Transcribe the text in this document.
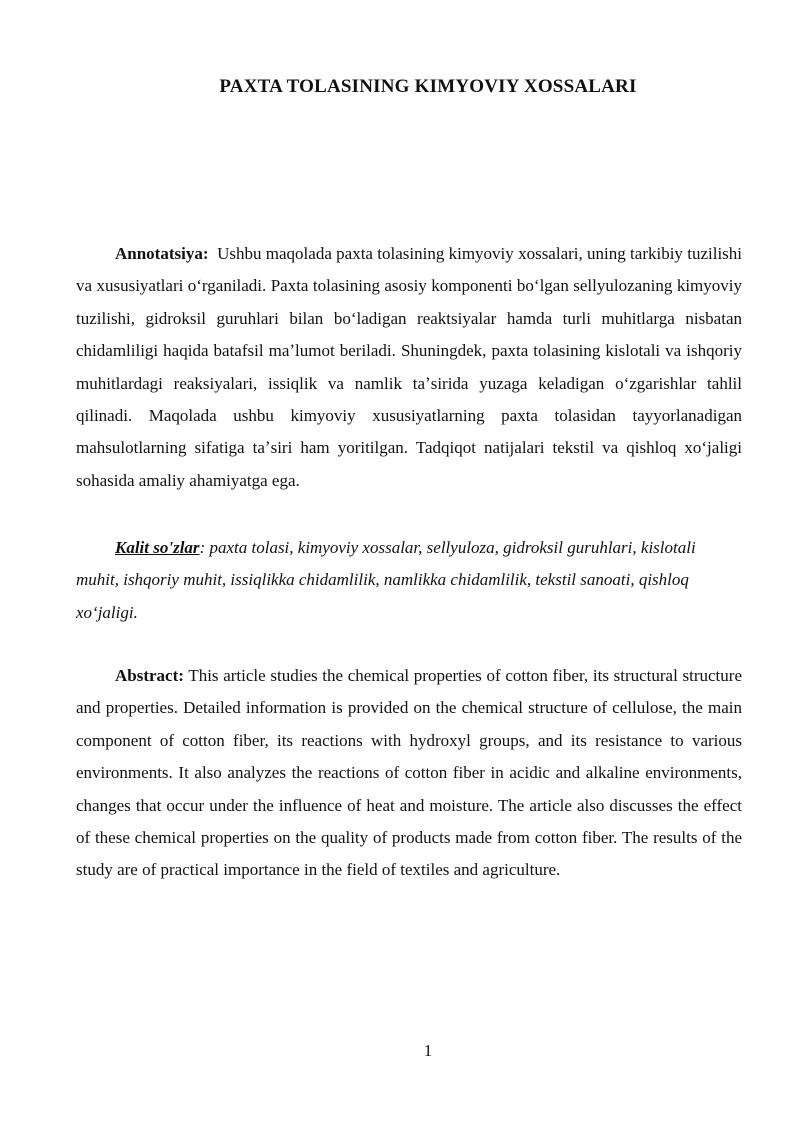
PAXTA TOLASINING KIMYOVIY XOSSALARI
Annotatsiya: Ushbu maqolada paxta tolasining kimyoviy xossalari, uning tarkibiy tuzilishi va xususiyatlari oʻrganiladi. Paxta tolasining asosiy komponenti boʻlgan sellyulozaning kimyoviy tuzilishi, gidroksil guruhlari bilan boʻladigan reaktsiyalar hamda turli muhitlarga nisbatan chidamliligi haqida batafsil maʼlumot beriladi. Shuningdek, paxta tolasining kislotali va ishqoriy muhitlardagi reaksiyalari, issiqlik va namlik taʼsirida yuzaga keladigan oʻzgarishlar tahlil qilinadi. Maqolada ushbu kimyoviy xususiyatlarning paxta tolasidan tayyorlanadigan mahsulotlarning sifatiga taʼsiri ham yoritilgan. Tadqiqot natijalari tekstil va qishloq xoʻjaligi sohasida amaliy ahamiyatga ega.
Kalit so'zlar: paxta tolasi, kimyoviy xossalar, sellyuloza, gidroksil guruhlari, kislotali muhit, ishqoriy muhit, issiqlikka chidamlilik, namlikka chidamlilik, tekstil sanoati, qishloq xoʻjaligi.
Abstract: This article studies the chemical properties of cotton fiber, its structural structure and properties. Detailed information is provided on the chemical structure of cellulose, the main component of cotton fiber, its reactions with hydroxyl groups, and its resistance to various environments. It also analyzes the reactions of cotton fiber in acidic and alkaline environments, changes that occur under the influence of heat and moisture. The article also discusses the effect of these chemical properties on the quality of products made from cotton fiber. The results of the study are of practical importance in the field of textiles and agriculture.
1
